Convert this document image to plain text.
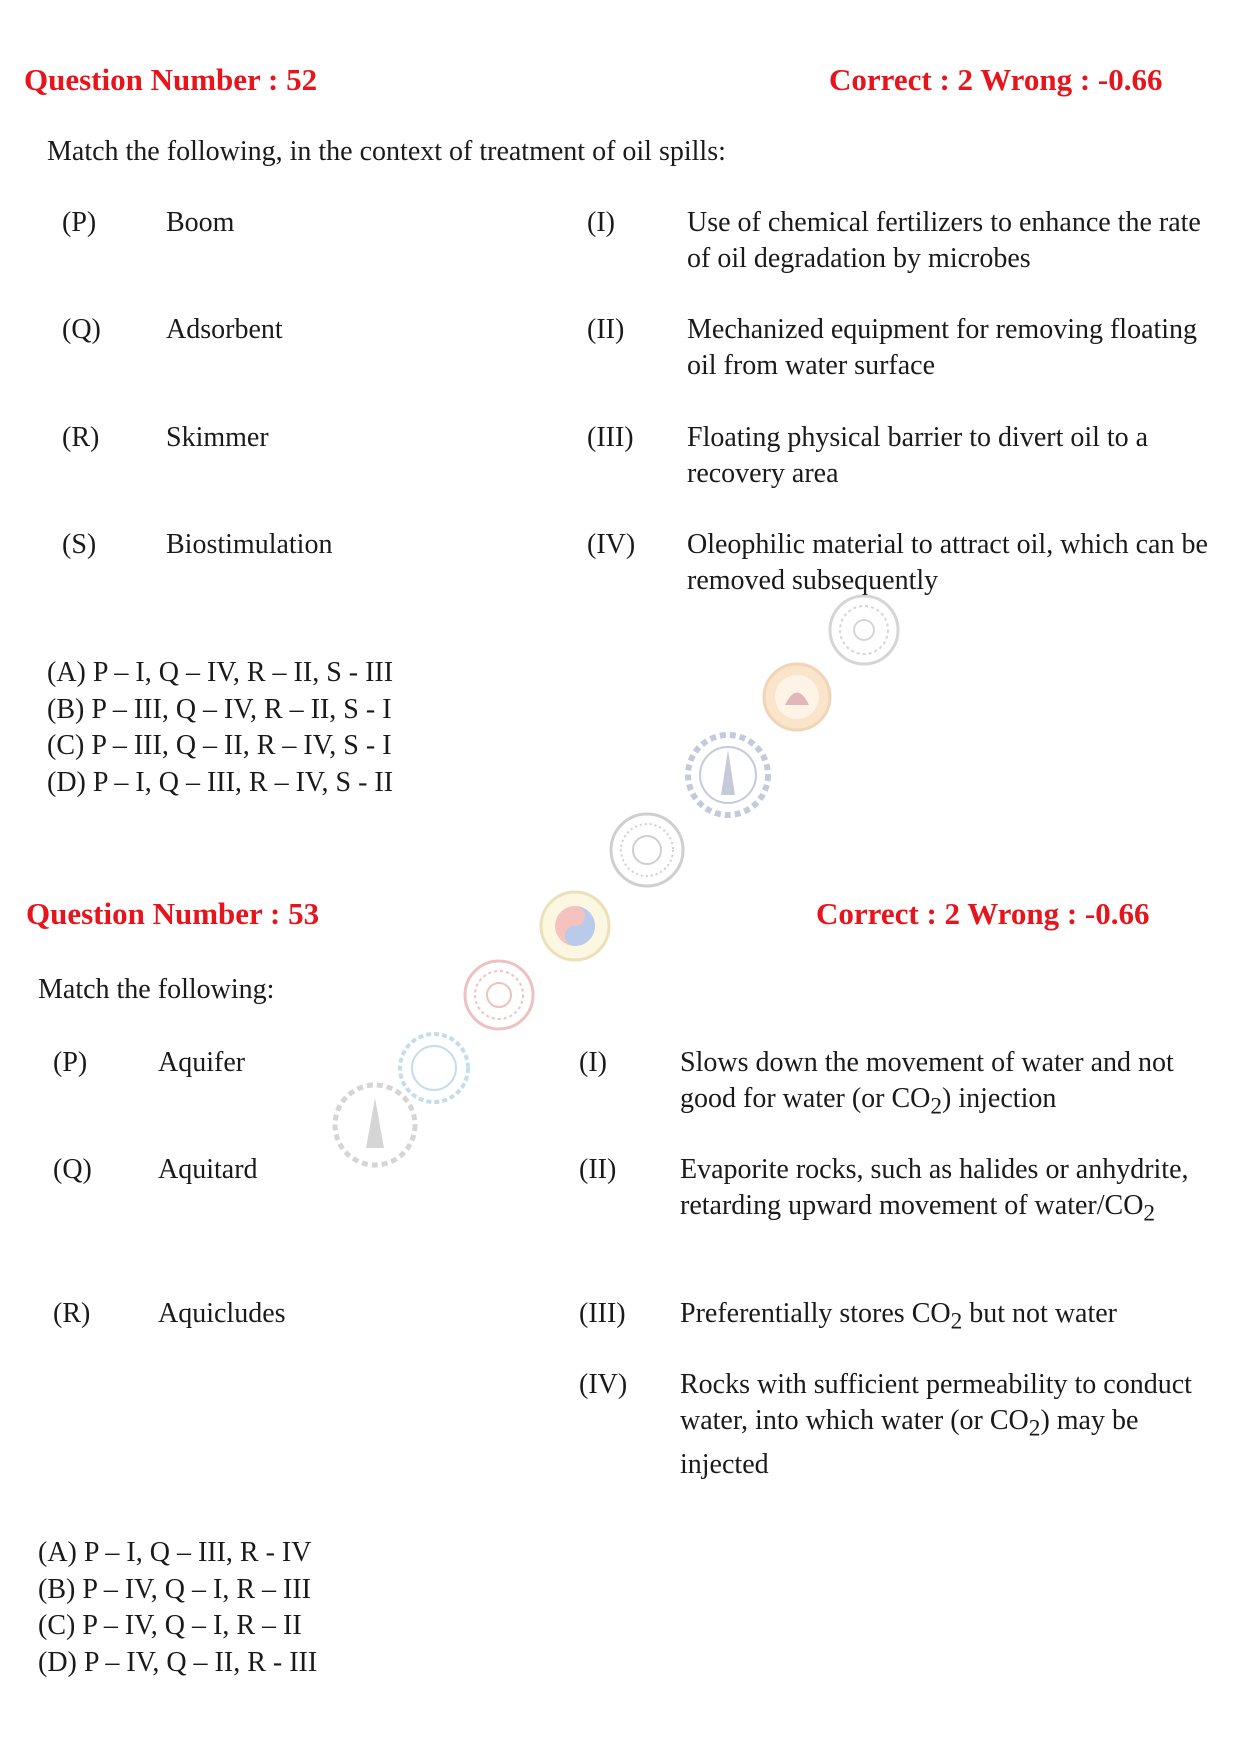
Question Number : 52	Correct : 2 Wrong : -0.66
Match the following, in the context of treatment of oil spills:
(P) Boom	(I)	Use of chemical fertilizers to enhance the rate of oil degradation by microbes
(Q) Adsorbent	(II) Mechanized equipment for removing floating oil from water surface
(R) Skimmer	(III) Floating physical barrier to divert oil to a recovery area
(S) Biostimulation	(IV) Oleophilic material to attract oil, which can be removed subsequently
(A) P – I, Q – IV, R – II, S - III
(B) P – III, Q – IV, R – II, S - I
(C) P – III, Q – II, R – IV, S - I
(D) P – I, Q – III, R – IV, S - II
Question Number : 53	Correct : 2 Wrong : -0.66
Match the following:
(P)	Aquifer	(I)	Slows down the movement of water and not good for water (or $CO_2$) injection
(Q) Aquitard	(II) Evaporite rocks, such as halides or anhydrite, retarding upward movement of water/$CO_2$
(R) Aquicludes	(III) Preferentially stores $CO_2$ but not water
(IV) Rocks with sufficient permeability to conduct water, into which water (or $CO_2$) may be injected
(A) P – I, Q – III, R - IV
(B) P – IV, Q – I, R – III
(C) P – IV, Q – I, R – II
(D) P – IV, Q – II, R - III
